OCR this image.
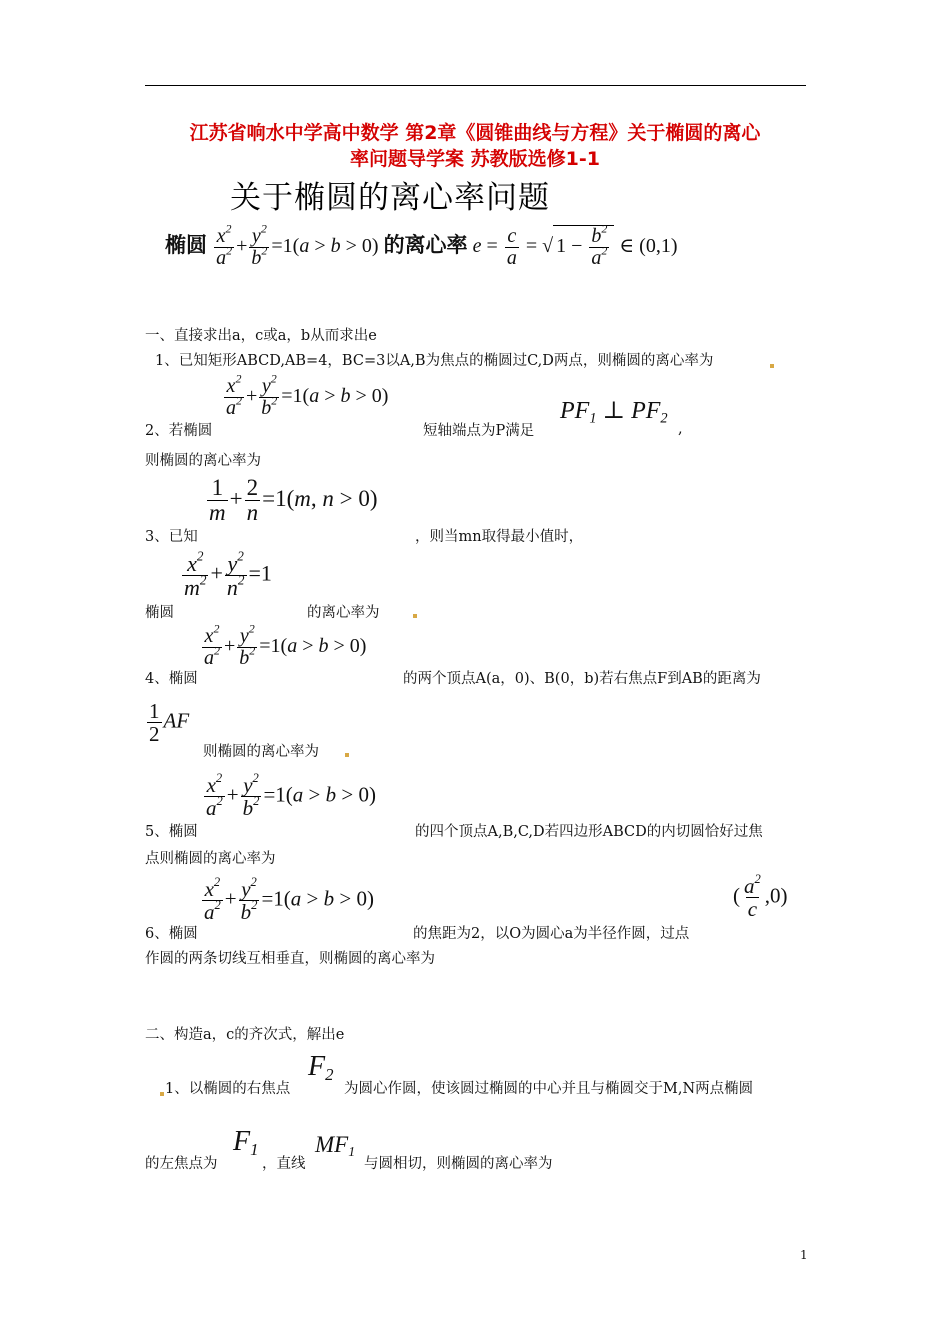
江苏省响水中学高中数学 第2章《圆锥曲线与方程》关于椭圆的离心
率问题导学案 苏教版选修1-1
关于椭圆的离心率问题
椭圆 $\frac{x^2}{a^2} + \frac{y^2}{b^2} =1(a > b > 0)$ 的离心率 $e = \frac{c}{a}$ = √ $1 - \frac{b^2}{a^2}$ ∈ (0,1)
一、直接求出a，c或a，b从而求出e
1、已知矩形ABCD,AB=4，BC=3以A,B为焦点的椭圆过C,D两点，则椭圆的离心率为
$\frac{x^2}{a^2} + \frac{y^2}{b^2} =1(a > b > 0)$
2、若椭圆	短轴端点为P满足
$PF_1$ ⊥ $PF_2$
,
则椭圆的离心率为
$\frac{1}{m} + \frac{2}{n} =1(m$, n > 0)
3、已知	，则当mn取得最小值时，
$\frac{x^2}{m^2} + \frac{y^2}{n^2} =1$
椭圆	的离心率为
$\frac{x^2}{a^2} + \frac{y^2}{b^2} =1(a > b > 0)$
4、椭圆	的两个顶点A(a，0)、B(0，b)若右焦点F到AB的距离为
$\frac{1}{2}$ AF
则椭圆的离心率为
$\frac{x^2}{a^2} + \frac{y^2}{b^2} =1(a > b > 0)$
5、椭圆	的四个顶点A,B,C,D若四边形ABCD的内切圆恰好过焦
点则椭圆的离心率为
$\frac{x^2}{a^2} + \frac{y^2}{b^2} =1(a > b > 0)$
6、椭圆	的焦距为2，以O为圆心a为半径作圆，过点
( $\frac{a^2}{c} ,0$)
作圆的两条切线互相垂直，则椭圆的离心率为
二、构造a，c的齐次式，解出e
1、以椭圆的右焦点
$F_2$
为圆心作圆，使该圆过椭圆的中心并且与椭圆交于M,N两点椭圆
的左焦点为
$F_1$
，直线
$MF_1$
与圆相切，则椭圆的离心率为
1
